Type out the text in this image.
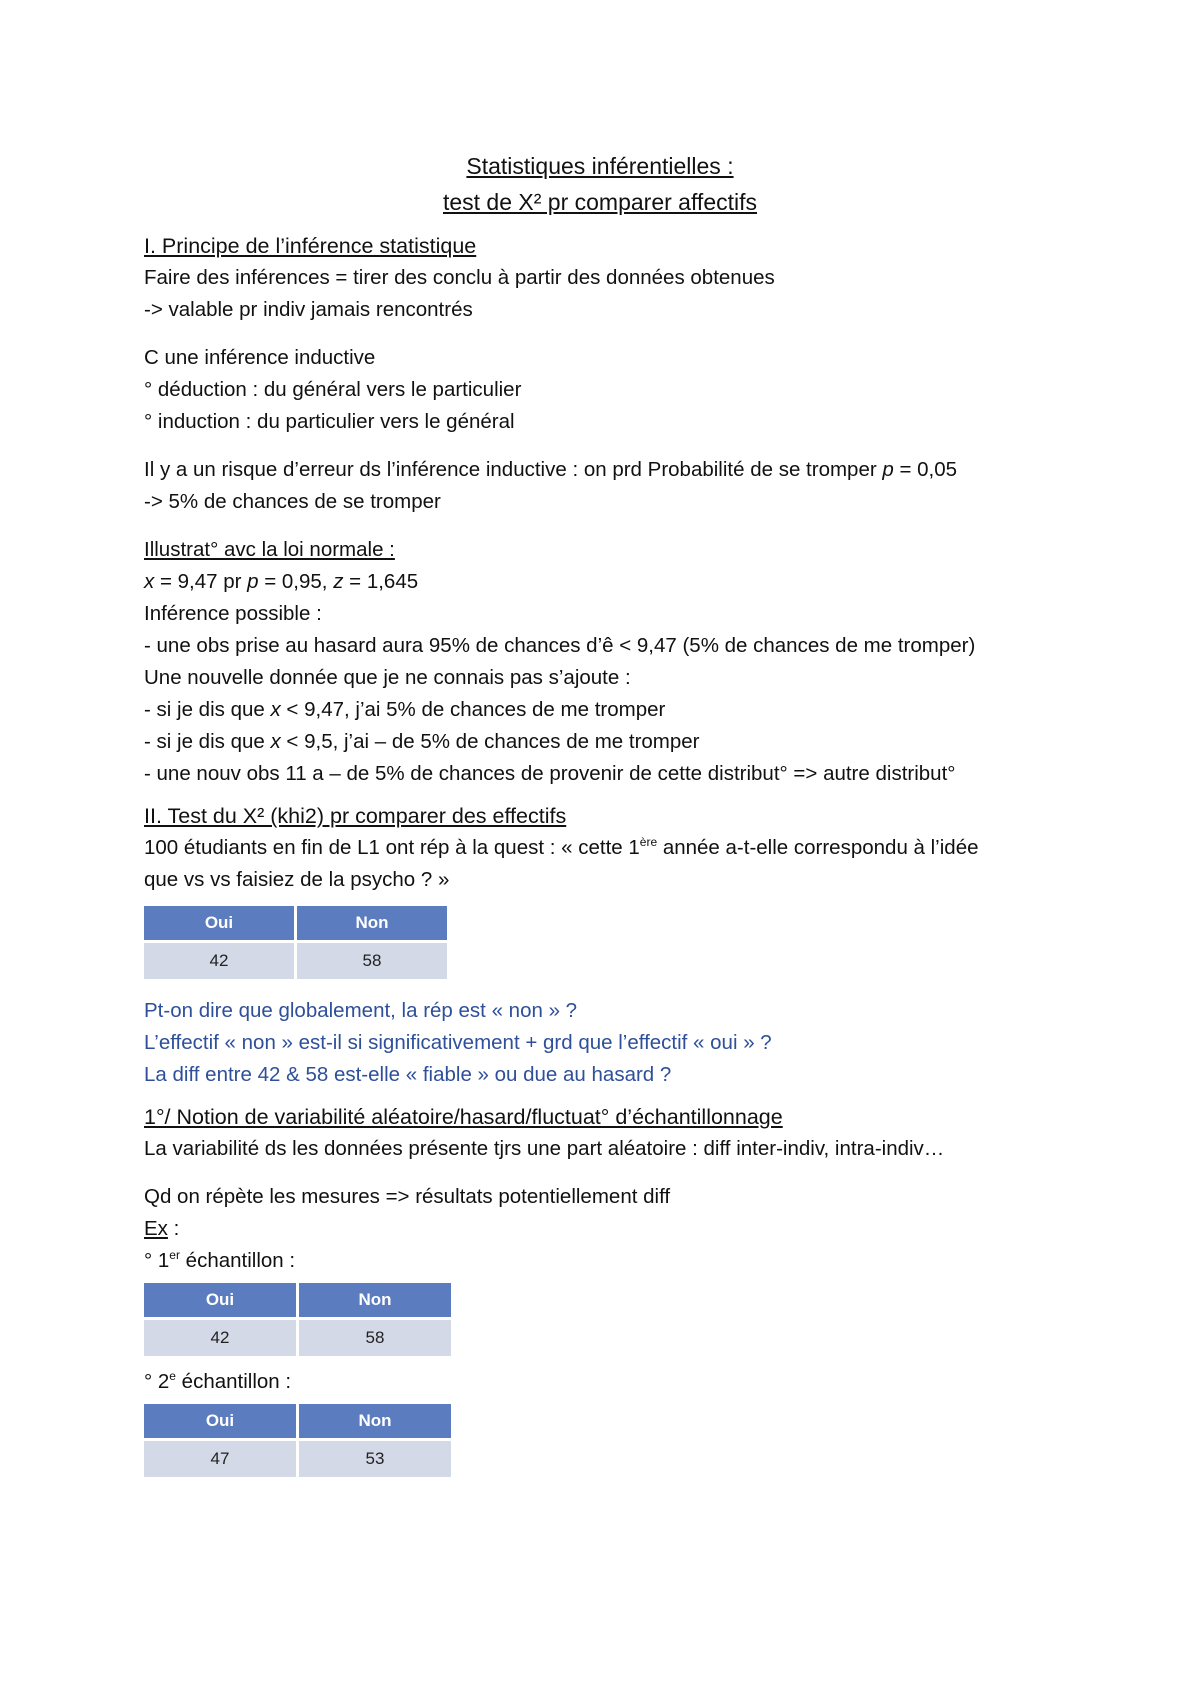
Statistiques inférentielles :
test de X² pr comparer affectifs

I. Principe de l’inférence statistique

Faire des inférences = tirer des conclu à partir des données obtenues

-> valable pr indiv jamais rencontrés

C une inférence inductive

° déduction : du général vers le particulier

° induction : du particulier vers le général

Il y a un risque d’erreur ds l’inférence inductive : on prd Probabilité de se tromper p = 0,05

-> 5% de chances de se tromper

Illustrat° avc la loi normale :

x = 9,47 pr p = 0,95, z = 1,645

Inférence possible :

- une obs prise au hasard aura 95% de chances d’ê < 9,47 (5% de chances de me tromper)

Une nouvelle donnée que je ne connais pas s’ajoute :

- si je dis que x < 9,47, j’ai 5% de chances de me tromper

- si je dis que x < 9,5, j’ai – de 5% de chances de me tromper

- une nouv obs 11 a – de 5% de chances de provenir de cette distribut° => autre distribut°

II. Test du X² (khi2) pr comparer des effectifs

100 étudiants en fin de L1 ont rép à la quest : « cette 1ère année a-t-elle correspondu à l’idée

que vs vs faisiez de la psycho ? »

Oui	Non
42	58

Pt-on dire que globalement, la rép est « non » ?

L’effectif « non » est-il si significativement + grd que l’effectif « oui » ?

La diff entre 42 & 58 est-elle « fiable » ou due au hasard ?

1°/ Notion de variabilité aléatoire/hasard/fluctuat° d’échantillonnage

La variabilité ds les données présente tjrs une part aléatoire : diff inter-indiv, intra-indiv…

Qd on répète les mesures => résultats potentiellement diff

Ex :

° 1er échantillon :

Oui	Non
42	58

° 2e échantillon :

Oui	Non
47	53
